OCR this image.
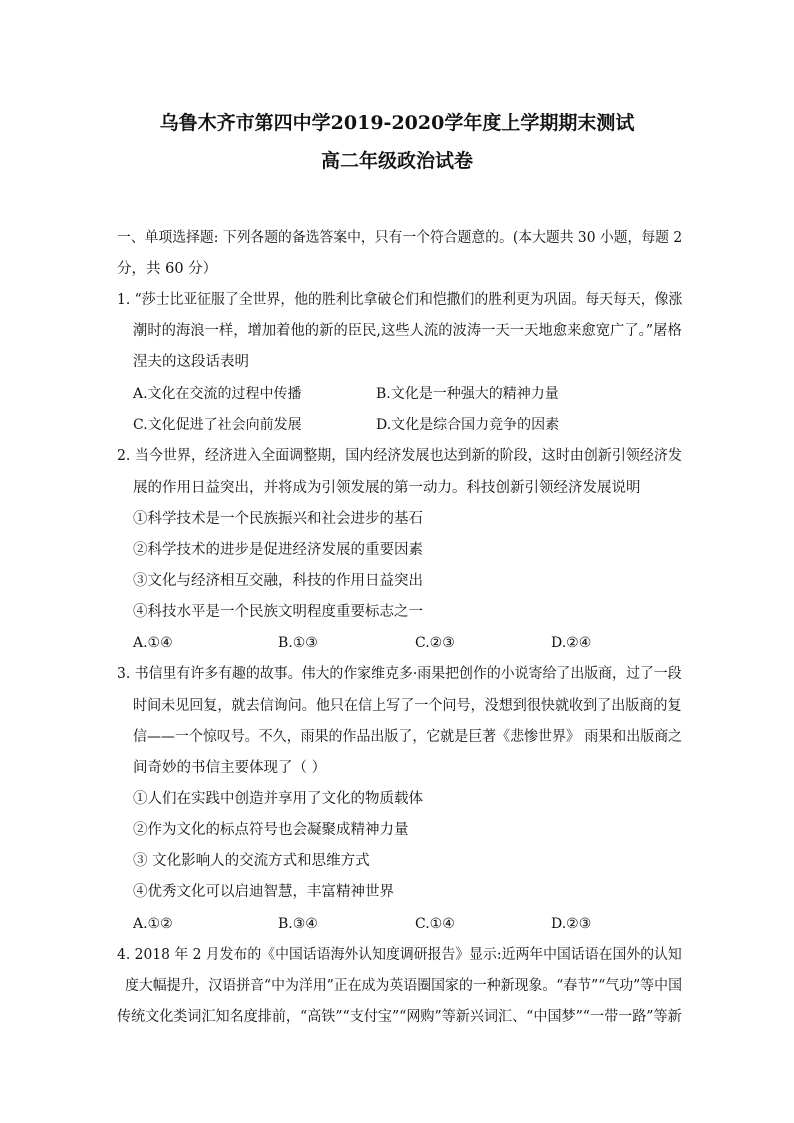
乌鲁木齐市第四中学2019-2020学年度上学期期末测试
高二年级政治试卷
一、单项选择题: 下列各题的备选答案中，只有一个符合题意的。(本大题共 30 小题，每题 2
分，共 60 分）
1. “莎士比亚征服了全世界，他的胜利比拿破仑们和恺撒们的胜利更为巩固。每天每天，像涨
潮时的海浪一样，增加着他的新的臣民,这些人流的波涛一天一天地愈来愈宽广了。”屠格
涅夫的这段话表明
A.文化在交流的过程中传播	B.文化是一种强大的精神力量
C.文化促进了社会向前发展	D.文化是综合国力竞争的因素
2. 当今世界，经济进入全面调整期，国内经济发展也达到新的阶段，这时由创新引领经济发
展的作用日益突出，并将成为引领发展的第一动力。科技创新引领经济发展说明
①科学技术是一个民族振兴和社会进步的基石
②科学技术的进步是促进经济发展的重要因素
③文化与经济相互交融，科技的作用日益突出
④科技水平是一个民族文明程度重要标志之一
A.①④	B.①③	C.②③	D.②④
3. 书信里有许多有趣的故事。伟大的作家维克多·雨果把创作的小说寄给了出版商，过了一段
时间未见回复，就去信询问。他只在信上写了一个问号，没想到很快就收到了出版商的复
信——一个惊叹号。不久，雨果的作品出版了，它就是巨著《悲惨世界》 雨果和出版商之
间奇妙的书信主要体现了（ ）
①人们在实践中创造并享用了文化的物质载体
②作为文化的标点符号也会凝聚成精神力量
③ 文化影响人的交流方式和思维方式
④优秀文化可以启迪智慧，丰富精神世界
A.①②	B.③④	C.①④	D.②③
4. 2018 年 2 月发布的《中国话语海外认知度调研报告》显示:近两年中国话语在国外的认知
度大幅提升，汉语拼音“中为洋用”正在成为英语圈国家的一种新现象。“春节”“气功”等中国
传统文化类词汇知名度排前，“高铁”“支付宝”“网购”等新兴词汇、“中国梦”“一带一路”等新
